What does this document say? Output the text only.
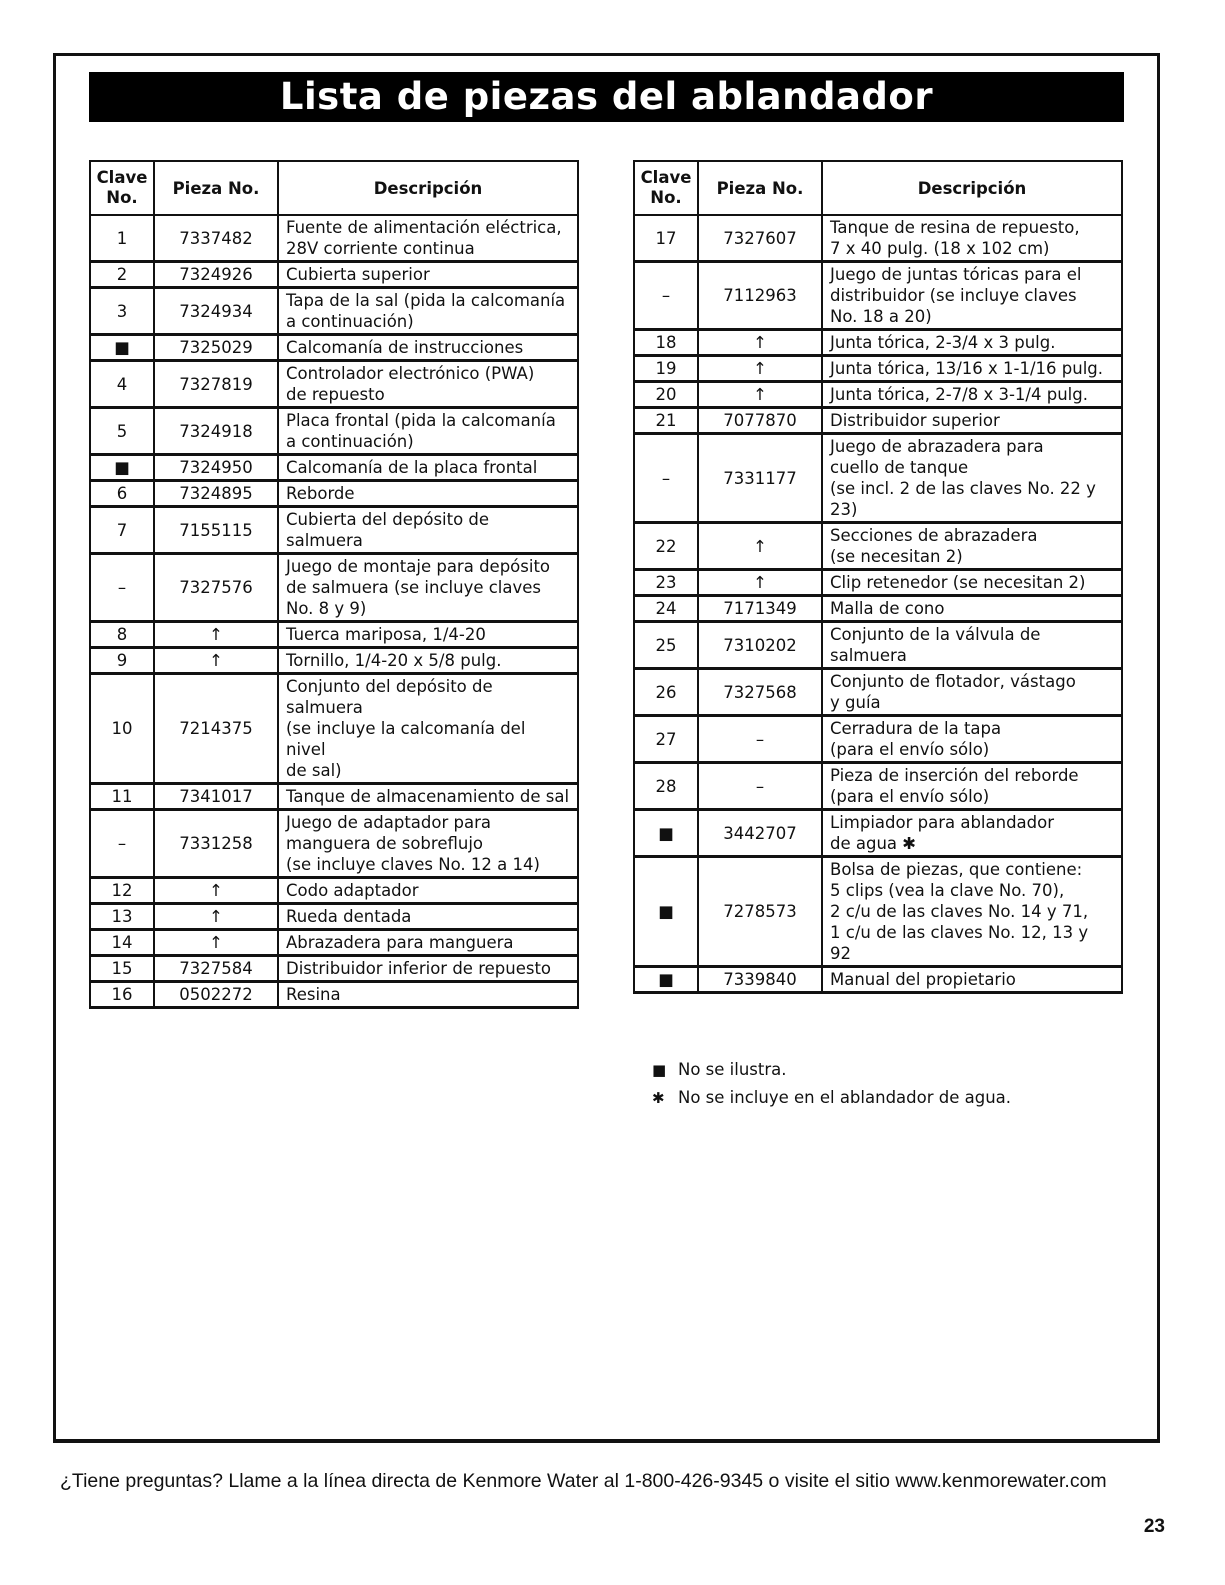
Lista de piezas del ablandador
Clave No.	Pieza No.	Descripción
1	7337482	Fuente de alimentación eléctrica,
28V corriente continua
2	7324926	Cubierta superior
3	7324934	Tapa de la sal (pida la calcomanía
a continuación)
■	7325029	Calcomanía de instrucciones
4	7327819	Controlador electrónico (PWA)
de repuesto
5	7324918	Placa frontal (pida la calcomanía
a continuación)
■	7324950	Calcomanía de la placa frontal
6	7324895	Reborde
7	7155115	Cubierta del depósito de salmuera
–	7327576	Juego de montaje para depósito
de salmuera (se incluye claves
No. 8 y 9)
8	↑	Tuerca mariposa, 1/4-20
9	↑	Tornillo, 1/4-20 x 5/8 pulg.
10	7214375	Conjunto del depósito de salmuera
(se incluye la calcomanía del nivel
de sal)
11	7341017	Tanque de almacenamiento de sal
–	7331258	Juego de adaptador para
manguera de sobreflujo
(se incluye claves No. 12 a 14)
12	↑	Codo adaptador
13	↑	Rueda dentada
14	↑	Abrazadera para manguera
15	7327584	Distribuidor inferior de repuesto
16	0502272	Resina
Clave No.	Pieza No.	Descripción
17	7327607	Tanque de resina de repuesto,
7 x 40 pulg. (18 x 102 cm)
–	7112963	Juego de juntas tóricas para el
distribuidor (se incluye claves
No. 18 a 20)
18	↑	Junta tórica, 2-3/4 x 3 pulg.
19	↑	Junta tórica, 13/16 x 1-1/16 pulg.
20	↑	Junta tórica, 2-7/8 x 3-1/4 pulg.
21	7077870	Distribuidor superior
–	7331177	Juego de abrazadera para
cuello de tanque
(se incl. 2 de las claves No. 22 y 23)
22	↑	Secciones de abrazadera
(se necesitan 2)
23	↑	Clip retenedor (se necesitan 2)
24	7171349	Malla de cono
25	7310202	Conjunto de la válvula de salmuera
26	7327568	Conjunto de flotador, vástago
y guía
27	–	Cerradura de la tapa
(para el envío sólo)
28	–	Pieza de inserción del reborde
(para el envío sólo)
■	3442707	Limpiador para ablandador
de agua ✱
■	7278573	Bolsa de piezas, que contiene:
5 clips (vea la clave No. 70),
2 c/u de las claves No. 14 y 71,
1 c/u de las claves No. 12, 13 y 92
■	7339840	Manual del propietario
■ No se ilustra.
✱ No se incluye en el ablandador de agua.
¿Tiene preguntas? Llame a la línea directa de Kenmore Water al 1-800-426-9345 o visite el sitio www.kenmorewater.com
23
